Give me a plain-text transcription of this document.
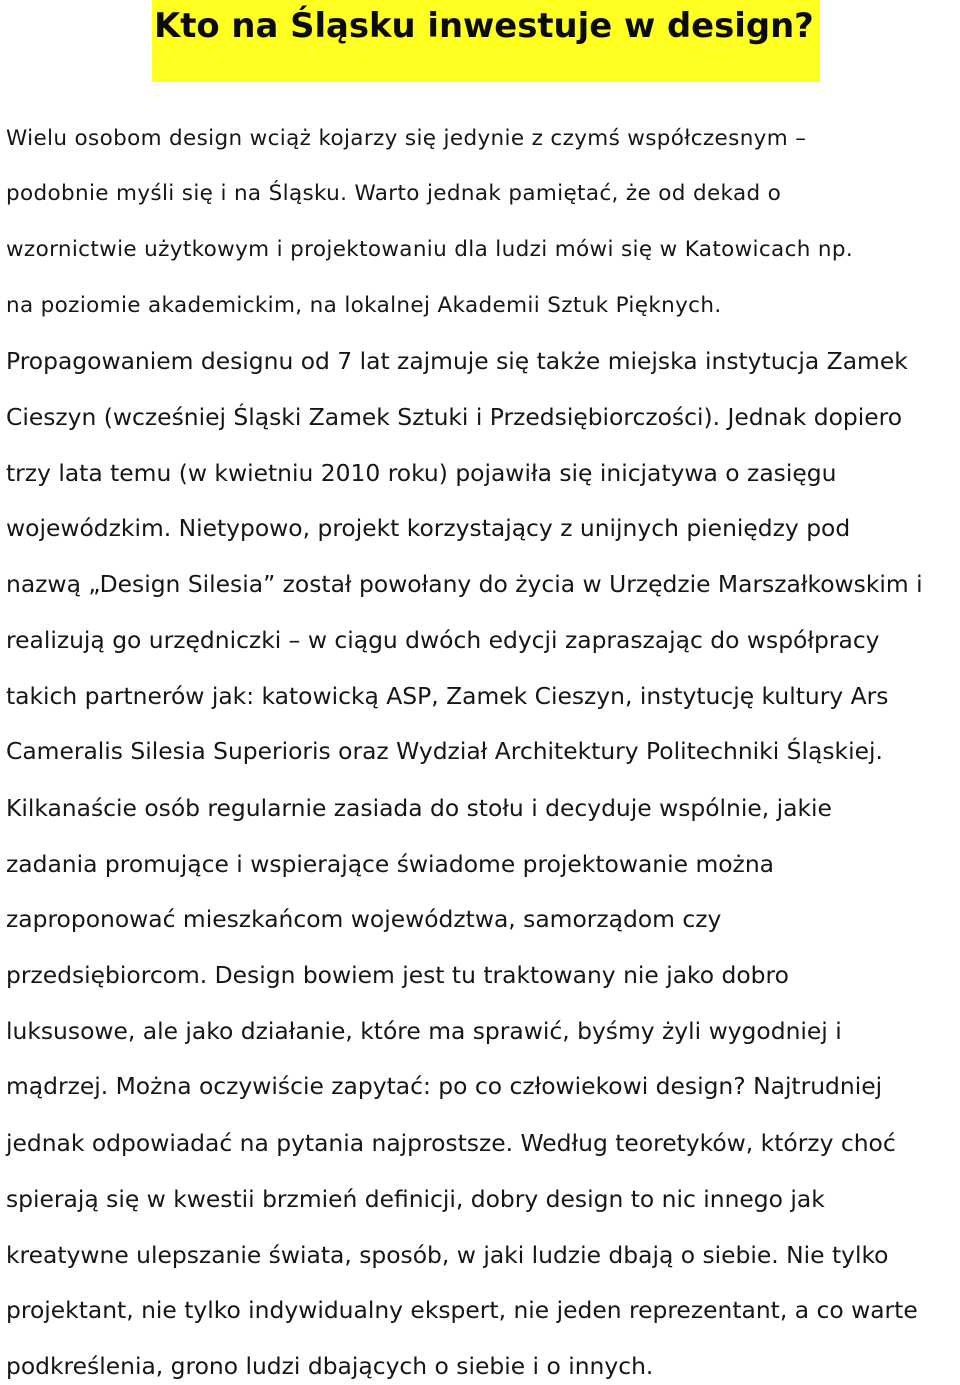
Kto na Śląsku inwestuje w design?
Wielu osobom design wciąż kojarzy się jedynie z czymś współczesnym –
podobnie myśli się i na Śląsku. Warto jednak pamiętać, że od dekad o
wzornictwie użytkowym i projektowaniu dla ludzi mówi się w Katowicach np.
na poziomie akademickim, na lokalnej Akademii Sztuk Pięknych.
Propagowaniem designu od 7 lat zajmuje się także miejska instytucja Zamek
Cieszyn (wcześniej Śląski Zamek Sztuki i Przedsiębiorczości). Jednak dopiero
trzy lata temu (w kwietniu 2010 roku) pojawiła się inicjatywa o zasięgu
wojewódzkim. Nietypowo, projekt korzystający z unijnych pieniędzy pod
nazwą „Design Silesia” został powołany do życia w Urzędzie Marszałkowskim i
realizują go urzędniczki – w ciągu dwóch edycji zapraszając do współpracy
takich partnerów jak: katowicką ASP, Zamek Cieszyn, instytucję kultury Ars
Cameralis Silesia Superioris oraz Wydział Architektury Politechniki Śląskiej.
Kilkanaście osób regularnie zasiada do stołu i decyduje wspólnie, jakie
zadania promujące i wspierające świadome projektowanie można
zaproponować mieszkańcom województwa, samorządom czy
przedsiębiorcom. Design bowiem jest tu traktowany nie jako dobro
luksusowe, ale jako działanie, które ma sprawić, byśmy żyli wygodniej i
mądrzej. Można oczywiście zapytać: po co człowiekowi design? Najtrudniej
jednak odpowiadać na pytania najprostsze. Według teoretyków, którzy choć
spierają się w kwestii brzmień definicji, dobry design to nic innego jak
kreatywne ulepszanie świata, sposób, w jaki ludzie dbają o siebie. Nie tylko
projektant, nie tylko indywidualny ekspert, nie jeden reprezentant, a co warte
podkreślenia, grono ludzi dbających o siebie i o innych.
